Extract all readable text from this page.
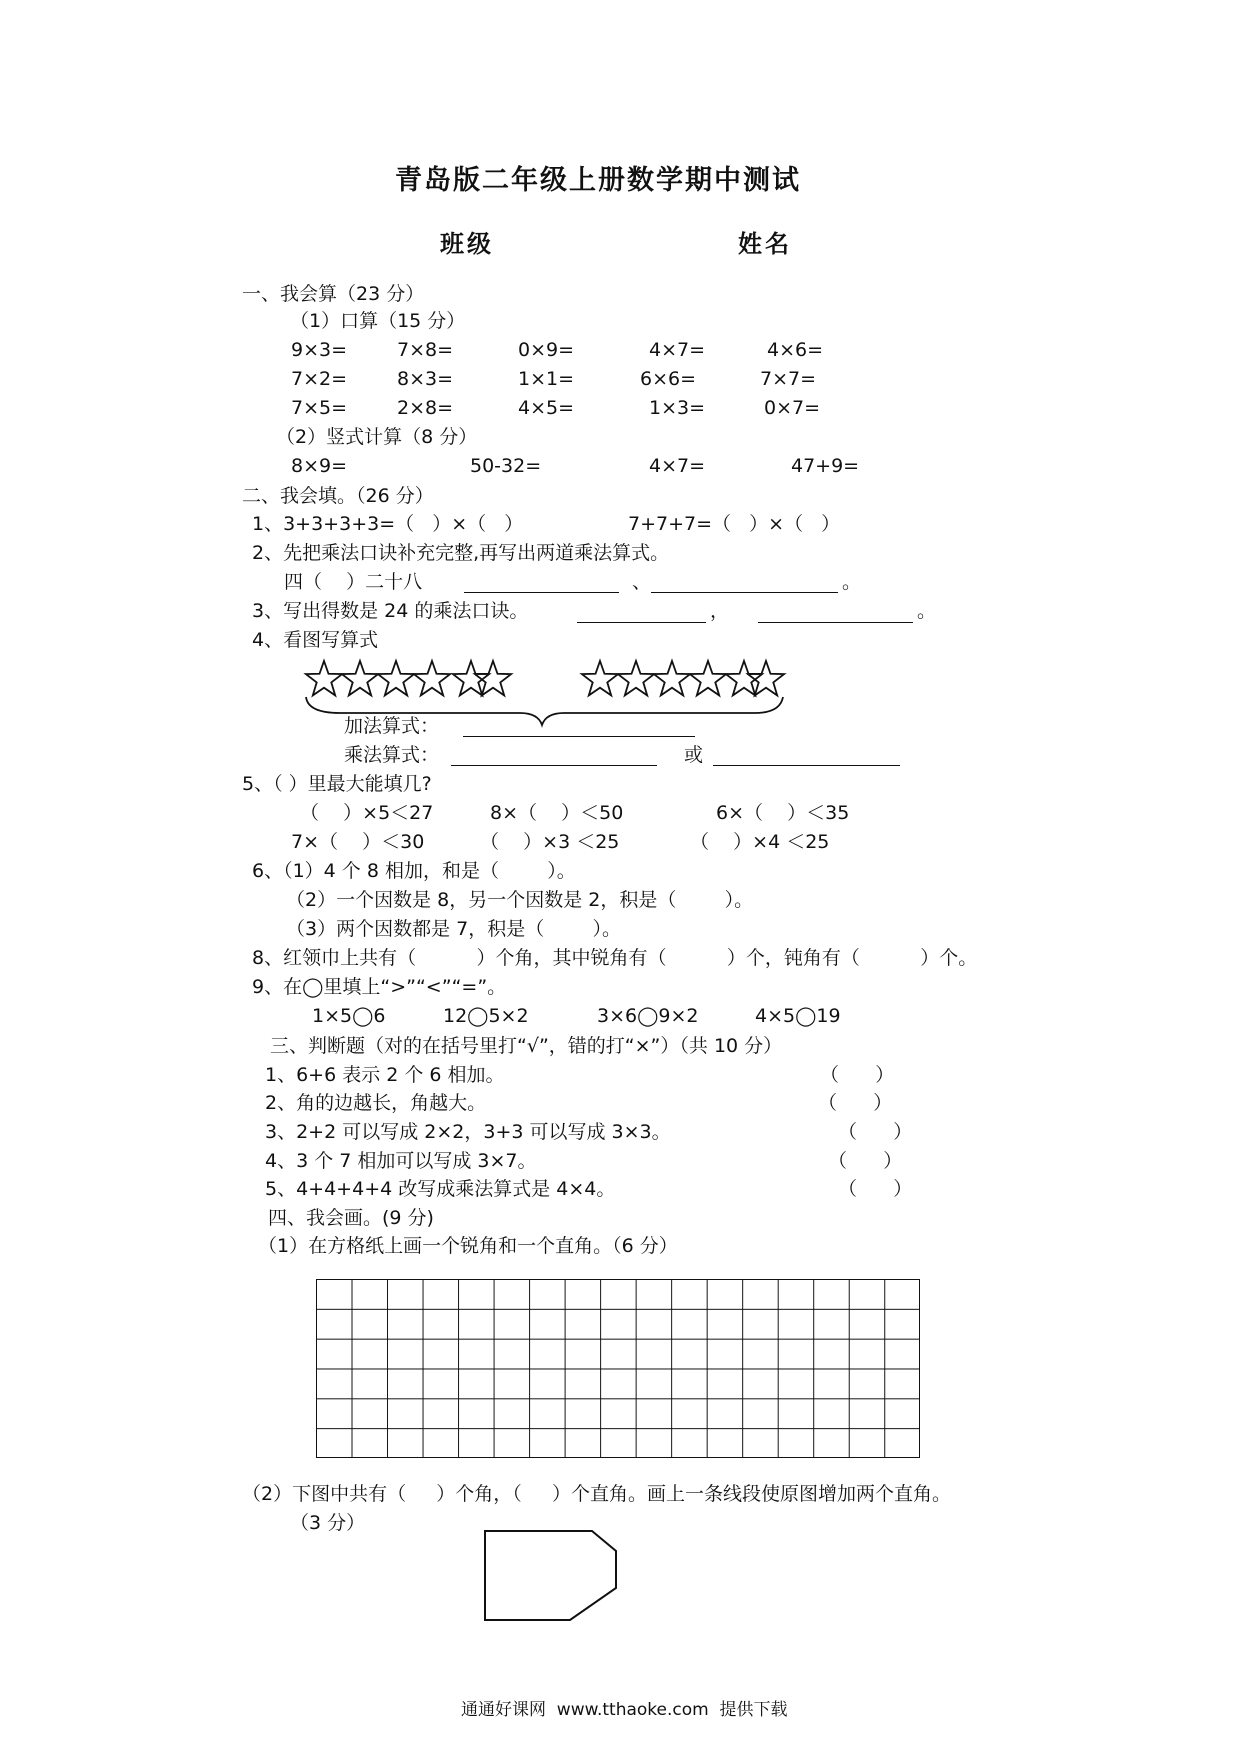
青岛版二年级上册数学期中测试
班级	姓名
一、我会算（23 分）
（1）口算（15 分）
9×3=	7×8=	0×9=	4×7=	4×6=
7×2=	8×3=	1×1=	6×6=	7×7=
7×5=	2×8=	4×5=	1×3=	0×7=
（2）竖式计算（8 分）
8×9=	50-32=	4×7=	47+9=
二、我会填。（26 分）
1、3+3+3+3=（   ）×（   ）	7+7+7=（   ）×（   ）
2、先把乘法口诀补充完整,再写出两道乘法算式。
四（    ）二十八	、	。
3、写出得数是 24 的乘法口诀。	，	。
4、看图写算式
加法算式：
乘法算式：	或
5、（ ）里最大能填几?
（    ）×5＜27	8×（    ）＜50	6×（    ）＜35
7×（    ）＜30	（    ）×3 ＜25	（    ）×4 ＜25
6、（1）4 个 8 相加，和是（        ）。
（2）一个因数是 8，另一个因数是 2，积是（        ）。
（3）两个因数都是 7，积是（        ）。
8、红领巾上共有（          ）个角，其中锐角有（          ）个，钝角有（          ）个。
9、在◯里填上“>”“<”“=”。
1×5◯6	12◯5×2	3×6◯9×2	4×5◯19
三、判断题（对的在括号里打“√”，错的打“×”）（共 10 分）
1、6+6 表示 2 个 6 相加。	（      ）
2、角的边越长，角越大。	（      ）
3、2+2 可以写成 2×2，3+3 可以写成 3×3。	（      ）
4、3 个 7 相加可以写成 3×7。	（      ）
5、4+4+4+4 改写成乘法算式是 4×4。	（      ）
四、我会画。(9 分)
（1）在方格纸上画一个锐角和一个直角。（6 分）
（2）下图中共有（     ）个角，（     ）个直角。画上一条线段使原图增加两个直角。
（3 分）
通通好课网  www.tthaoke.com  提供下载
